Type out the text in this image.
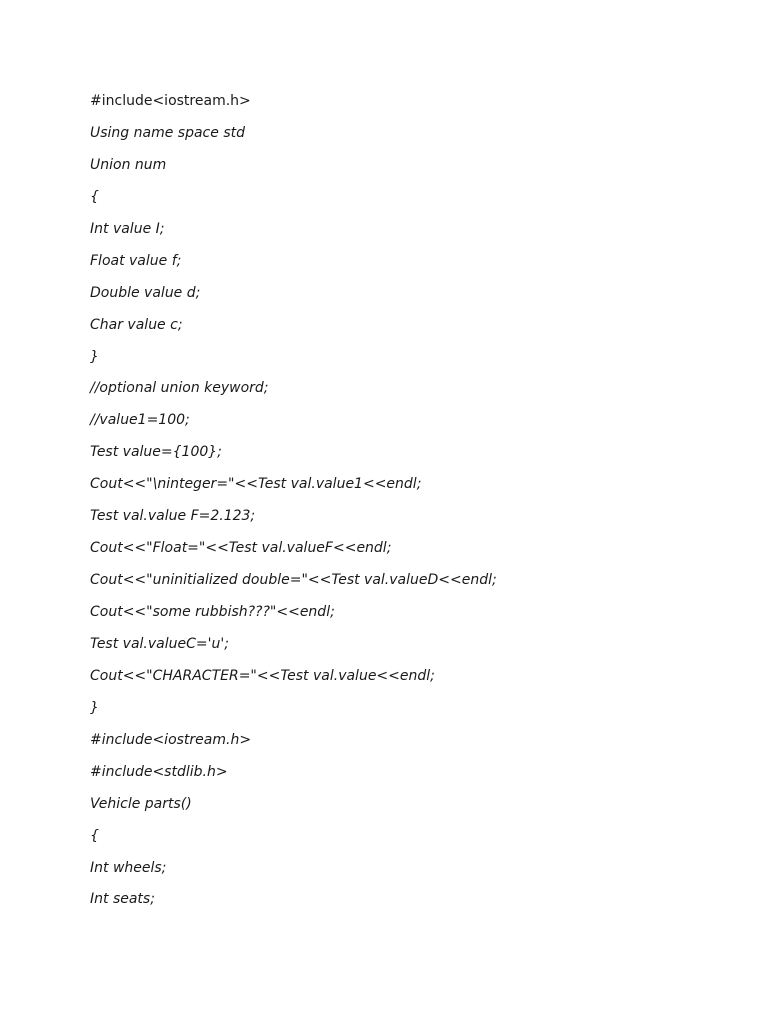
#include<iostream.h>
Using name space std
Union num
{
Int value I;
Float value f;
Double value d;
Char value c;
}
//optional union keyword;
//value1=100;
Test value={100};
Cout<<"\ninteger="<<Test val.value1<<endl;
Test val.value F=2.123;
Cout<<"Float="<<Test val.valueF<<endl;
Cout<<"uninitialized double="<<Test val.valueD<<endl;
Cout<<"some rubbish???"<<endl;
Test val.valueC='u';
Cout<<"CHARACTER="<<Test val.value<<endl;
}
#include<iostream.h>
#include<stdlib.h>
Vehicle parts()
{
Int wheels;
Int seats;
